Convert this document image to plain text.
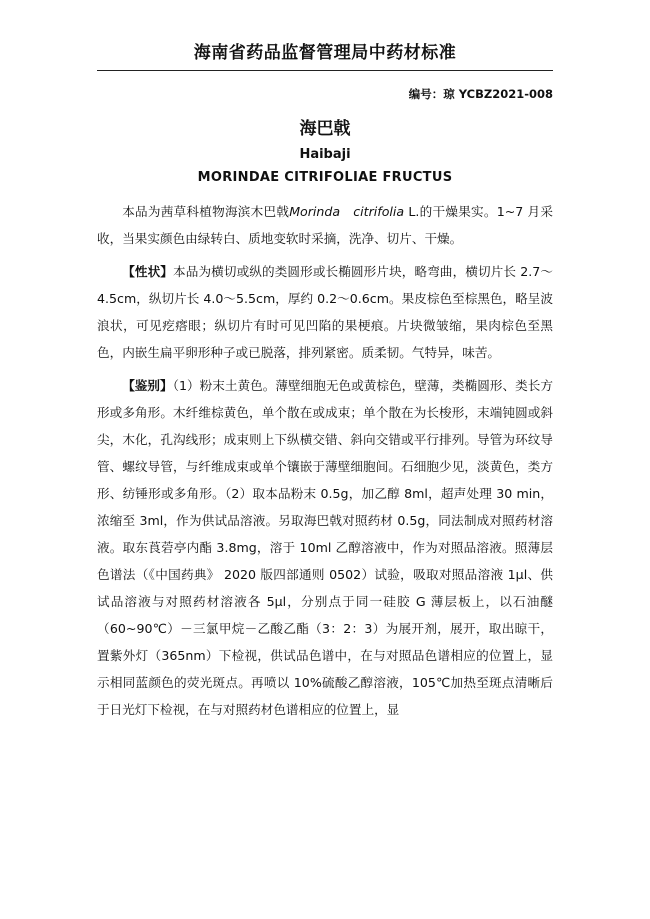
海南省药品监督管理局中药材标准
编号：琼 YCBZ2021-008
海巴戟
Haibaji
MORINDAE CITRIFOLIAE FRUCTUS

本品为茜草科植物海滨木巴戟Morinda　citrifolia L.的干燥果实。1~7 月采收，当果实颜色由绿转白、质地变软时采摘，洗净、切片、干燥。

【性状】本品为横切或纵的类圆形或长椭圆形片块，略弯曲，横切片长 2.7～4.5cm，纵切片长 4.0～5.5cm，厚约 0.2～0.6cm。果皮棕色至棕黑色，略呈波浪状，可见疙瘩眼；纵切片有时可见凹陷的果梗痕。片块微皱缩，果肉棕色至黑色，内嵌生扁平卵形种子或已脱落，排列紧密。质柔韧。气特异，味苦。

【鉴别】（1）粉末土黄色。薄壁细胞无色或黄棕色，壁薄，类椭圆形、类长方形或多角形。木纤维棕黄色，单个散在或成束；单个散在为长梭形，末端钝圆或斜尖，木化，孔沟线形；成束则上下纵横交错、斜向交错或平行排列。导管为环纹导管、螺纹导管，与纤维成束或单个镶嵌于薄壁细胞间。石细胞少见，淡黄色，类方形、纺锤形或多角形。（2）取本品粉末 0.5g，加乙醇 8ml，超声处理 30 min，浓缩至 3ml，作为供试品溶液。另取海巴戟对照药材 0.5g，同法制成对照药材溶液。取东莨菪亭内酯 3.8mg，溶于 10ml 乙醇溶液中，作为对照品溶液。照薄层色谱法（《中国药典》 2020 版四部通则 0502）试验，吸取对照品溶液 1μl、供试品溶液与对照药材溶液各 5μl，分别点于同一硅胶 G 薄层板上，以石油醚（60~90℃）－三氯甲烷－乙酸乙酯（3：2：3）为展开剂，展开，取出晾干，置紫外灯（365nm）下检视，供试品色谱中，在与对照品色谱相应的位置上，显示相同蓝颜色的荧光斑点。再喷以 10%硫酸乙醇溶液，105℃加热至斑点清晰后于日光灯下检视，在与对照药材色谱相应的位置上，显
